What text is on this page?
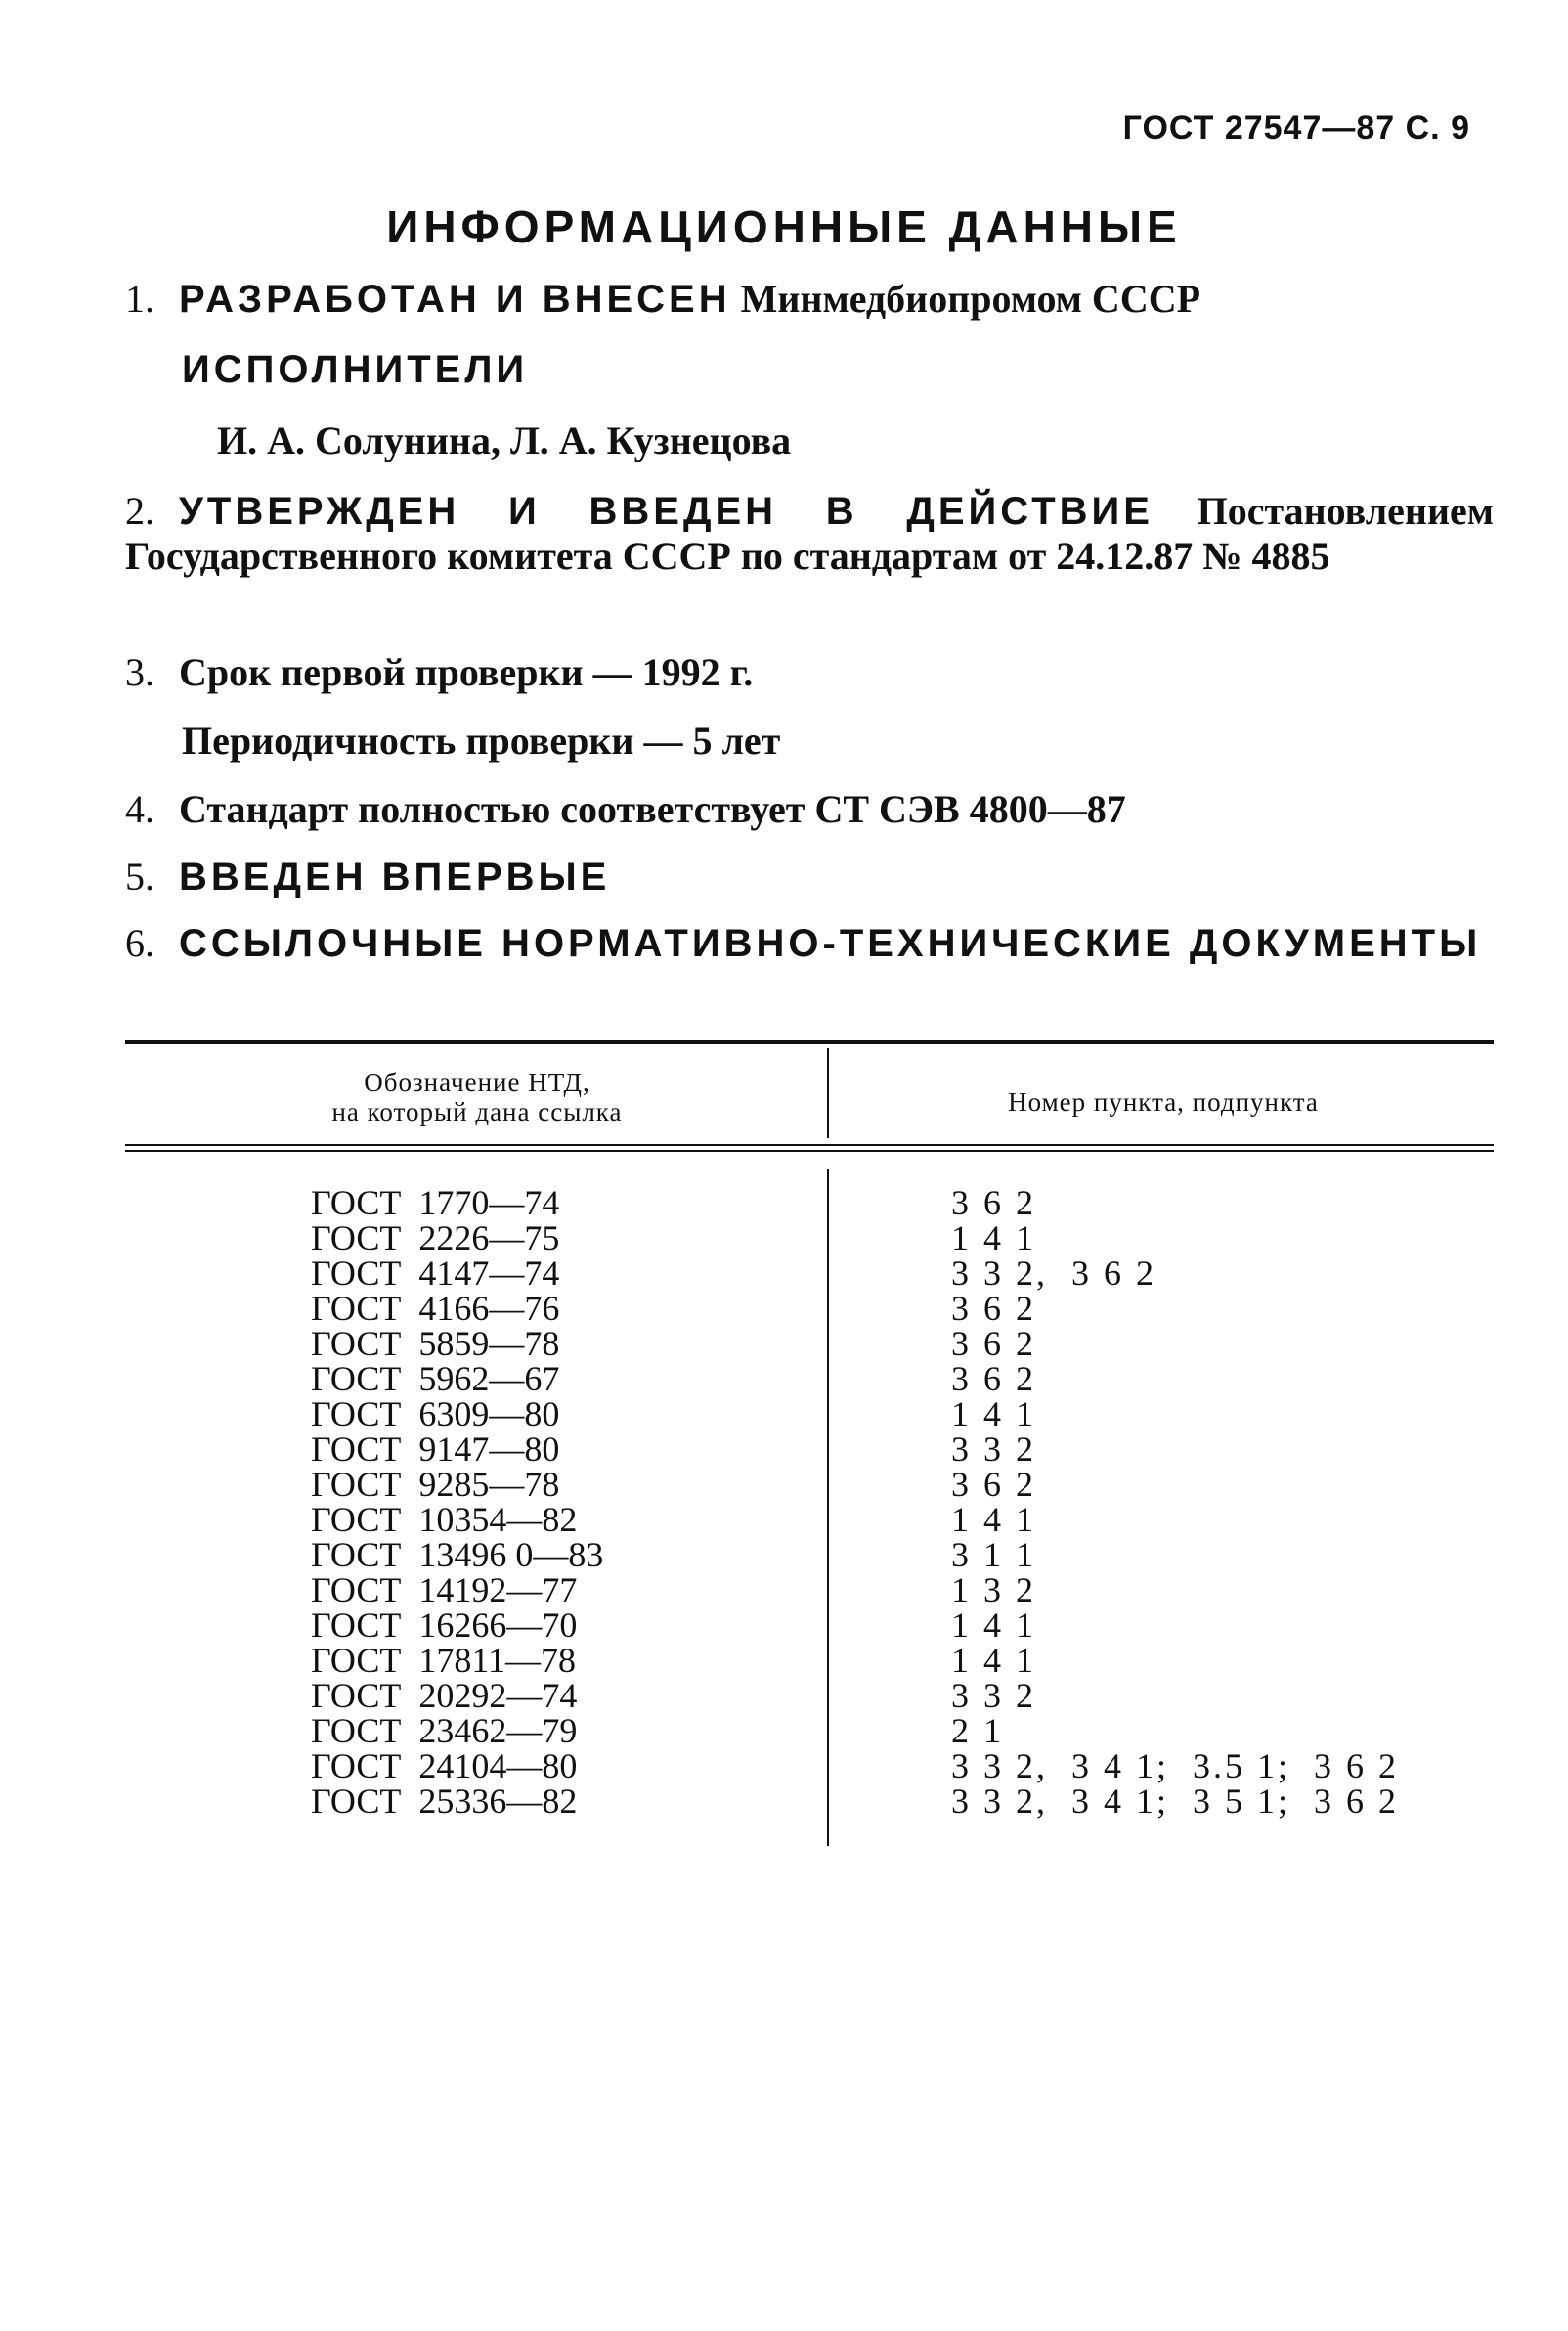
ГОСТ 27547—87 С. 9
ИНФОРМАЦИОННЫЕ ДАННЫЕ
1. РАЗРАБОТАН И ВНЕСЕН Минмедбиопромом СССР
ИСПОЛНИТЕЛИ
И. А. Солунина, Л. А. Кузнецова
2. УТВЕРЖДЕН И ВВЕДЕН В ДЕЙСТВИЕ Постановлением Государственного комитета СССР по стандартам от 24.12.87 № 4885
3. Срок первой проверки — 1992 г.
Периодичность проверки — 5 лет
4. Стандарт полностью соответствует СТ СЭВ 4800—87
5. ВВЕДЕН ВПЕРВЫЕ
6. ССЫЛОЧНЫЕ НОРМАТИВНО-ТЕХНИЧЕСКИЕ ДОКУМЕНТЫ
Обозначение НТД,
на который дана ссылка	Номер пункта, подпункта
ГОСТ  1770—74	3 6 2
ГОСТ  2226—75	1 4 1
ГОСТ  4147—74	3 3 2,  3 6 2
ГОСТ  4166—76	3 6 2
ГОСТ  5859—78	3 6 2
ГОСТ  5962—67	3 6 2
ГОСТ  6309—80	1 4 1
ГОСТ  9147—80	3 3 2
ГОСТ  9285—78	3 6 2
ГОСТ  10354—82	1 4 1
ГОСТ  13496 0—83	3 1 1
ГОСТ  14192—77	1 3 2
ГОСТ  16266—70	1 4 1
ГОСТ  17811—78	1 4 1
ГОСТ  20292—74	3 3 2
ГОСТ  23462—79	2 1
ГОСТ  24104—80	3 3 2,  3 4 1;  3.5 1;  3 6 2
ГОСТ  25336—82	3 3 2,  3 4 1;  3 5 1;  3 6 2
